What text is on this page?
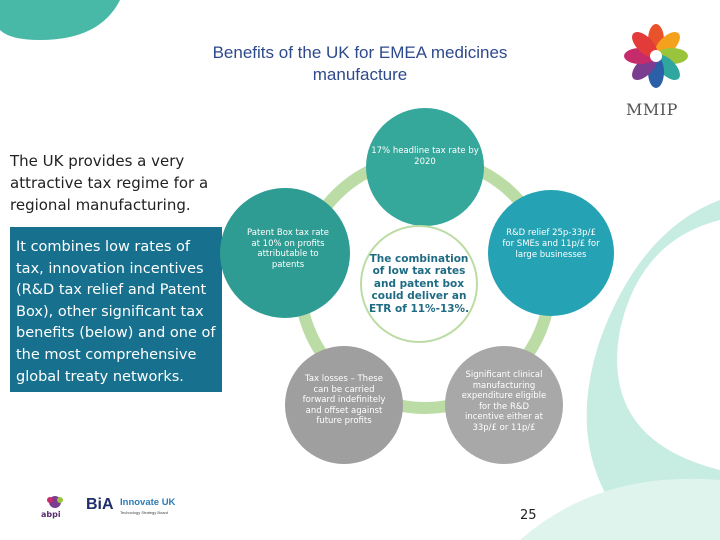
MMIP
Benefits of the UK for EMEA medicines
manufacture
The UK provides a very attractive tax regime for a regional manufacturing.
It combines low rates of tax, innovation incentives (R&D tax relief and Patent Box), other significant tax benefits (below) and one of the most comprehensive global treaty networks.
17% headline tax rate by 2020
Patent Box tax rate at 10% on profits attributable to patents
R&D relief 25p-33p/£ for SMEs and 11p/£ for large businesses
The combination of low tax rates and patent box could deliver an ETR of 11%-13%.
Tax losses – These can be carried forward indefinitely and offset against future profits
Significant clinical manufacturing expenditure eligible for the R&D incentive either at 33p/£ or 11p/£
abpi
BiA Innovate UK
Technology Strategy Board	25
